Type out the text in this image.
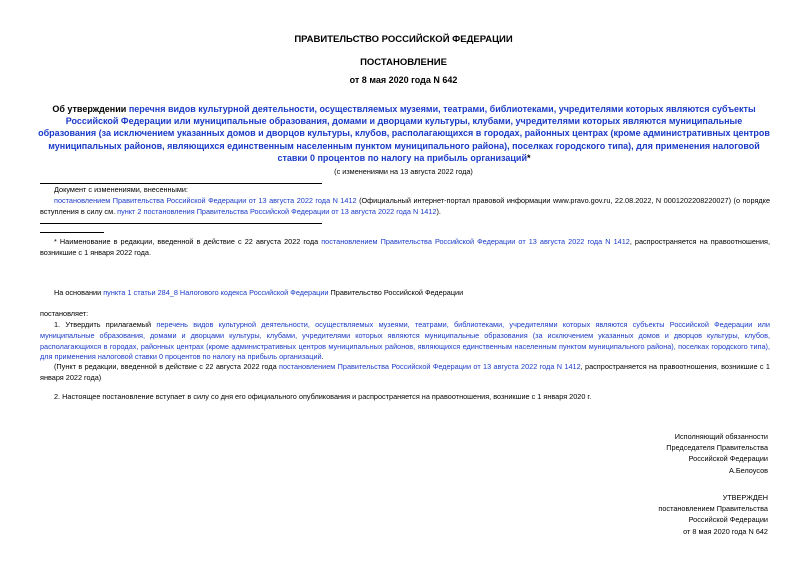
ПРАВИТЕЛЬСТВО РОССИЙСКОЙ ФЕДЕРАЦИИ
ПОСТАНОВЛЕНИЕ
от 8 мая 2020 года N 642
Об утверждении перечня видов культурной деятельности, осуществляемых музеями, театрами, библиотеками, учредителями которых являются субъекты Российской Федерации или муниципальные образования, домами и дворцами культуры, клубами, учредителями которых являются муниципальные образования (за исключением указанных домов и дворцов культуры, клубов, располагающихся в городах, районных центрах (кроме административных центров муниципальных районов, являющихся единственным населенным пунктом муниципального района), поселках городского типа), для применения налоговой ставки 0 процентов по налогу на прибыль организаций*
(с изменениями на 13 августа 2022 года)
Документ с изменениями, внесенными:
постановлением Правительства Российской Федерации от 13 августа 2022 года N 1412 (Официальный интернет-портал правовой информации www.pravo.gov.ru, 22.08.2022, N 0001202208220027) (о порядке вступления в силу см. пункт 2 постановления Правительства Российской Федерации от 13 августа 2022 года N 1412).
* Наименование в редакции, введенной в действие с 22 августа 2022 года постановлением Правительства Российской Федерации от 13 августа 2022 года N 1412, распространяется на правоотношения, возникшие с 1 января 2022 года.
На основании пункта 1 статьи 284_8 Налогового кодекса Российской Федерации Правительство Российской Федерации
постановляет:
1. Утвердить прилагаемый перечень видов культурной деятельности, осуществляемых музеями, театрами, библиотеками, учредителями которых являются субъекты Российской Федерации или муниципальные образования, домами и дворцами культуры, клубами, учредителями которых являются муниципальные образования (за исключением указанных домов и дворцов культуры, клубов, располагающихся в городах, районных центрах (кроме административных центров муниципальных районов, являющихся единственным населенным пунктом муниципального района), поселках городского типа), для применения налоговой ставки 0 процентов по налогу на прибыль организаций.
(Пункт в редакции, введенной в действие с 22 августа 2022 года постановлением Правительства Российской Федерации от 13 августа 2022 года N 1412, распространяется на правоотношения, возникшие с 1 января 2022 года)
2. Настоящее постановление вступает в силу со дня его официального опубликования и распространяется на правоотношения, возникшие с 1 января 2020 г.
Исполняющий обязанности
Председателя Правительства
Российской Федерации
А.Белоусов
УТВЕРЖДЕН
постановлением Правительства
Российской Федерации
от 8 мая 2020 года N 642
